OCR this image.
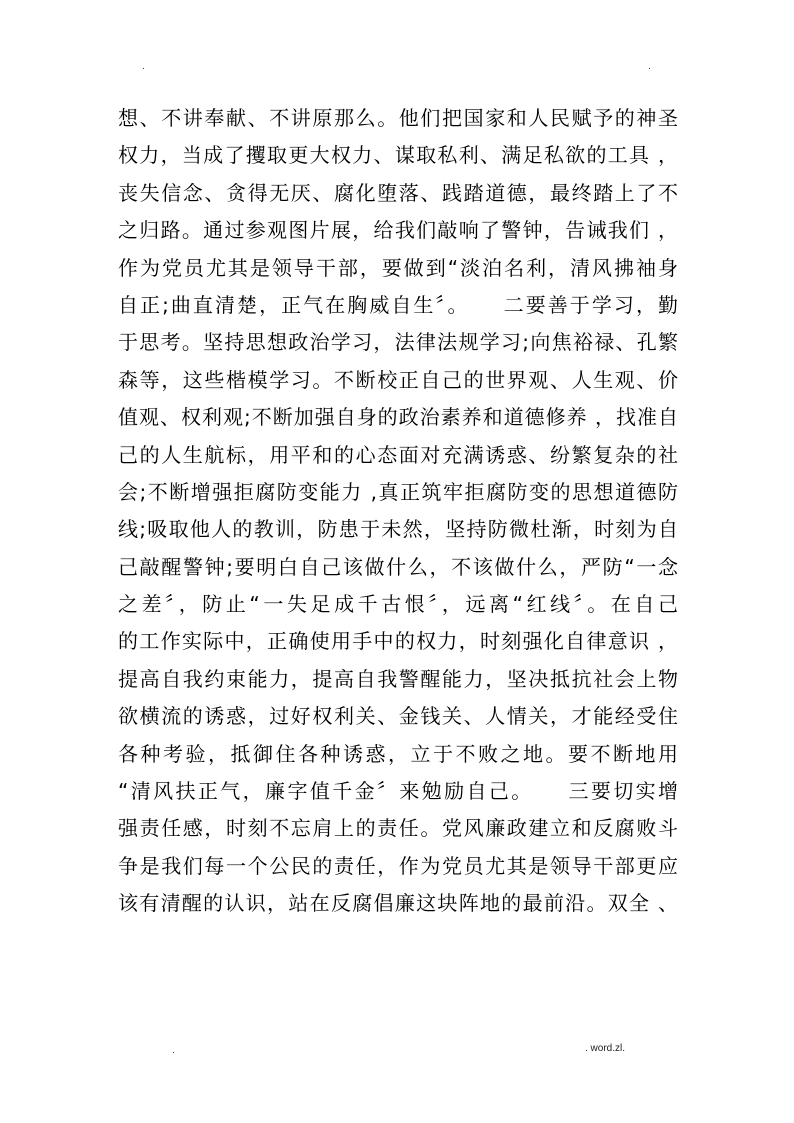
.	.
想、不讲奉献、不讲原那么。他们把国家和人民赋予的神圣
权力，当成了攫取更大权力、谋取私利、满足私欲的工具 ，
丧失信念、贪得无厌、腐化堕落、践踏道德，最终踏上了不
之归路。通过参观图片展，给我们敲响了警钟，告诫我们 ，
作为党员尤其是领导干部，要做到“淡泊名利，清风拂袖身
自正;曲直清楚，正气在胸威自生〞。　　二要善于学习，勤
于思考。坚持思想政治学习，法律法规学习;向焦裕禄、孔繁
森等，这些楷模学习。不断校正自己的世界观、人生观、价
值观、权利观;不断加强自身的政治素养和道德修养 ，找准自
己的人生航标，用平和的心态面对充满诱惑、纷繁复杂的社
会;不断增强拒腐防变能力 ,真正筑牢拒腐防变的思想道德防
线;吸取他人的教训，防患于未然，坚持防微杜渐，时刻为自
己敲醒警钟;要明白自己该做什么，不该做什么，严防“一念
之差〞，防止“一失足成千古恨〞，远离“红线〞。在自己
的工作实际中，正确使用手中的权力，时刻强化自律意识 ，
提高自我约束能力，提高自我警醒能力，坚决抵抗社会上物
欲横流的诱惑，过好权利关、金钱关、人情关，才能经受住
各种考验，抵御住各种诱惑，立于不败之地。要不断地用
“清风扶正气，廉字值千金〞来勉励自己。　　三要切实增
强责任感，时刻不忘肩上的责任。党风廉政建立和反腐败斗
争是我们每一个公民的责任，作为党员尤其是领导干部更应
该有清醒的认识，站在反腐倡廉这块阵地的最前沿。双全 、
.	. word.zl.
